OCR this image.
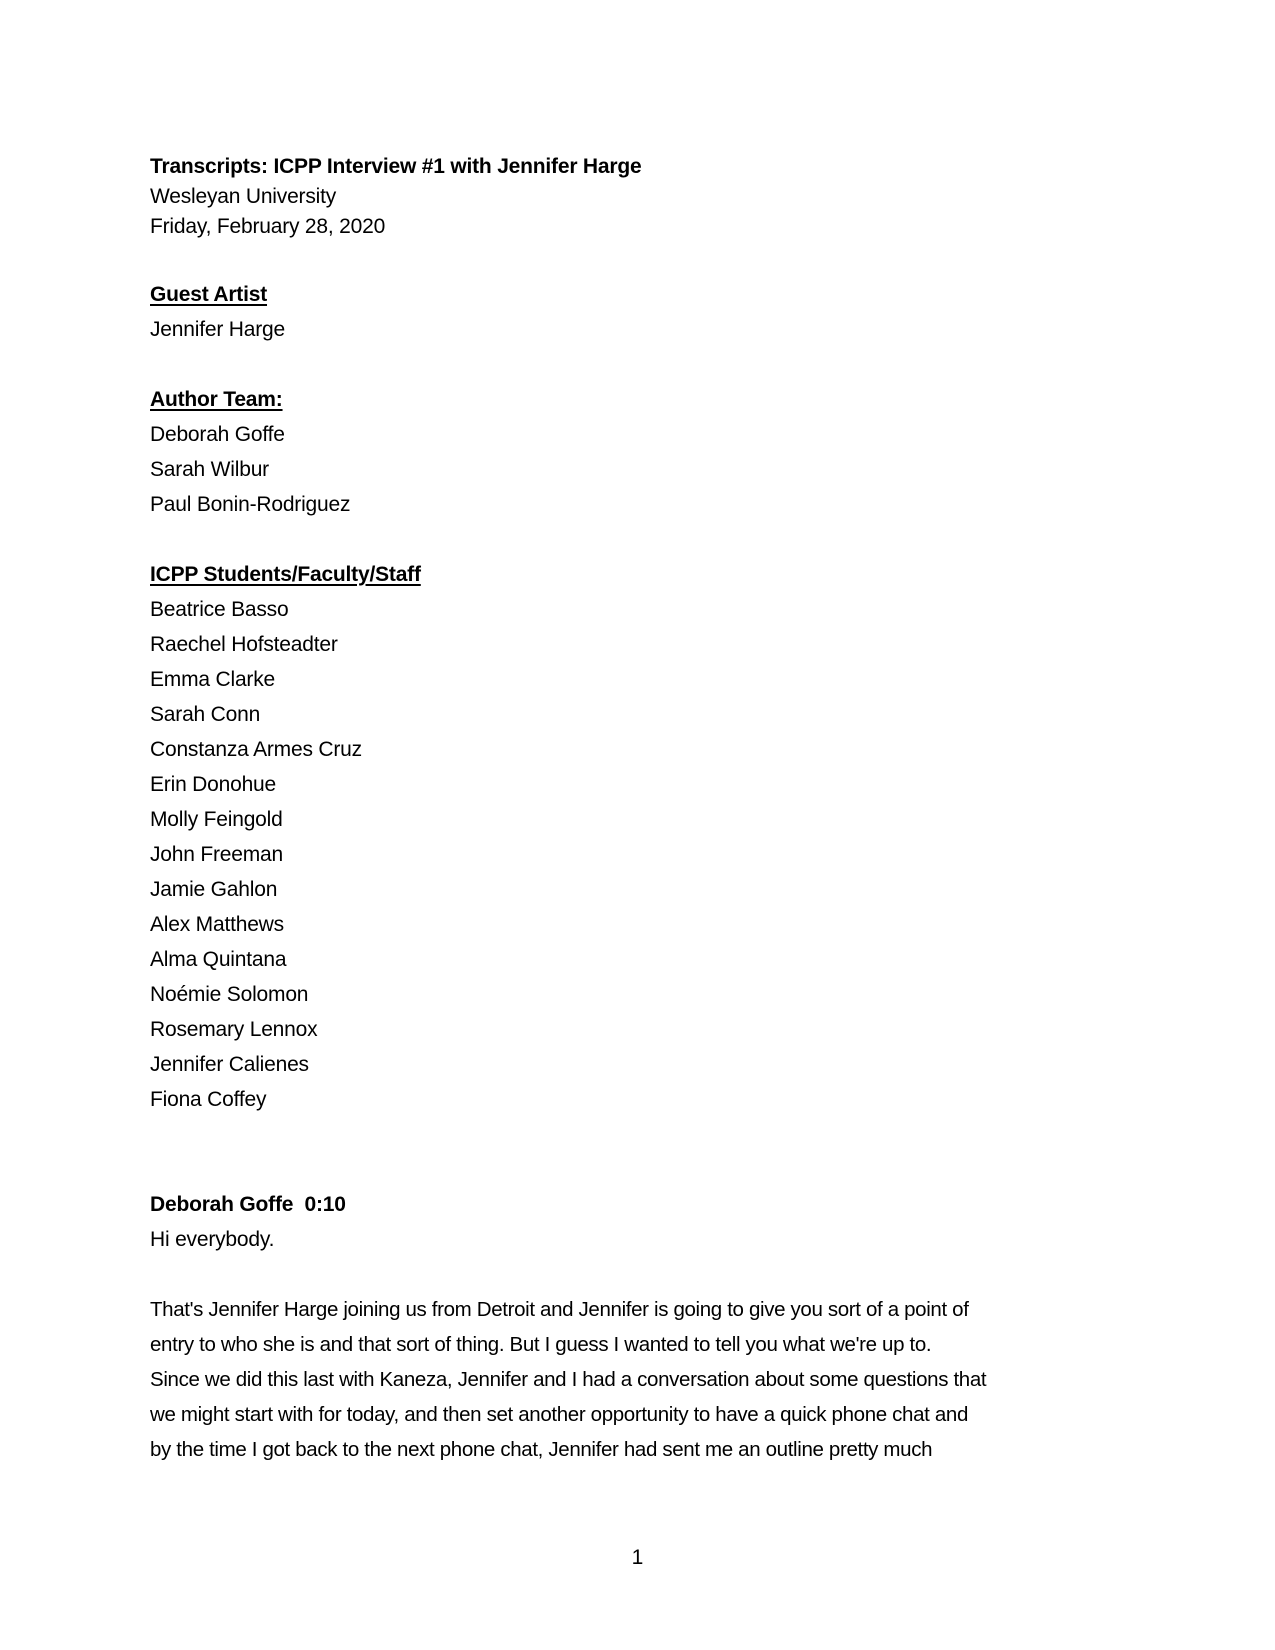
Transcripts: ICPP Interview #1 with Jennifer Harge
Wesleyan University
Friday, February 28, 2020
Guest Artist
Jennifer Harge
Author Team:
Deborah Goffe
Sarah Wilbur
Paul Bonin-Rodriguez
ICPP Students/Faculty/Staff
Beatrice Basso
Raechel Hofsteadter
Emma Clarke
Sarah Conn
Constanza Armes Cruz
Erin Donohue
Molly Feingold
John Freeman
Jamie Gahlon
Alex Matthews
Alma Quintana
Noémie Solomon
Rosemary Lennox
Jennifer Calienes
Fiona Coffey
Deborah Goffe 0:10
Hi everybody.
That's Jennifer Harge joining us from Detroit and Jennifer is going to give you sort of a point of
entry to who she is and that sort of thing. But I guess I wanted to tell you what we're up to.
Since we did this last with Kaneza, Jennifer and I had a conversation about some questions that
we might start with for today, and then set another opportunity to have a quick phone chat and
by the time I got back to the next phone chat, Jennifer had sent me an outline pretty much
1
